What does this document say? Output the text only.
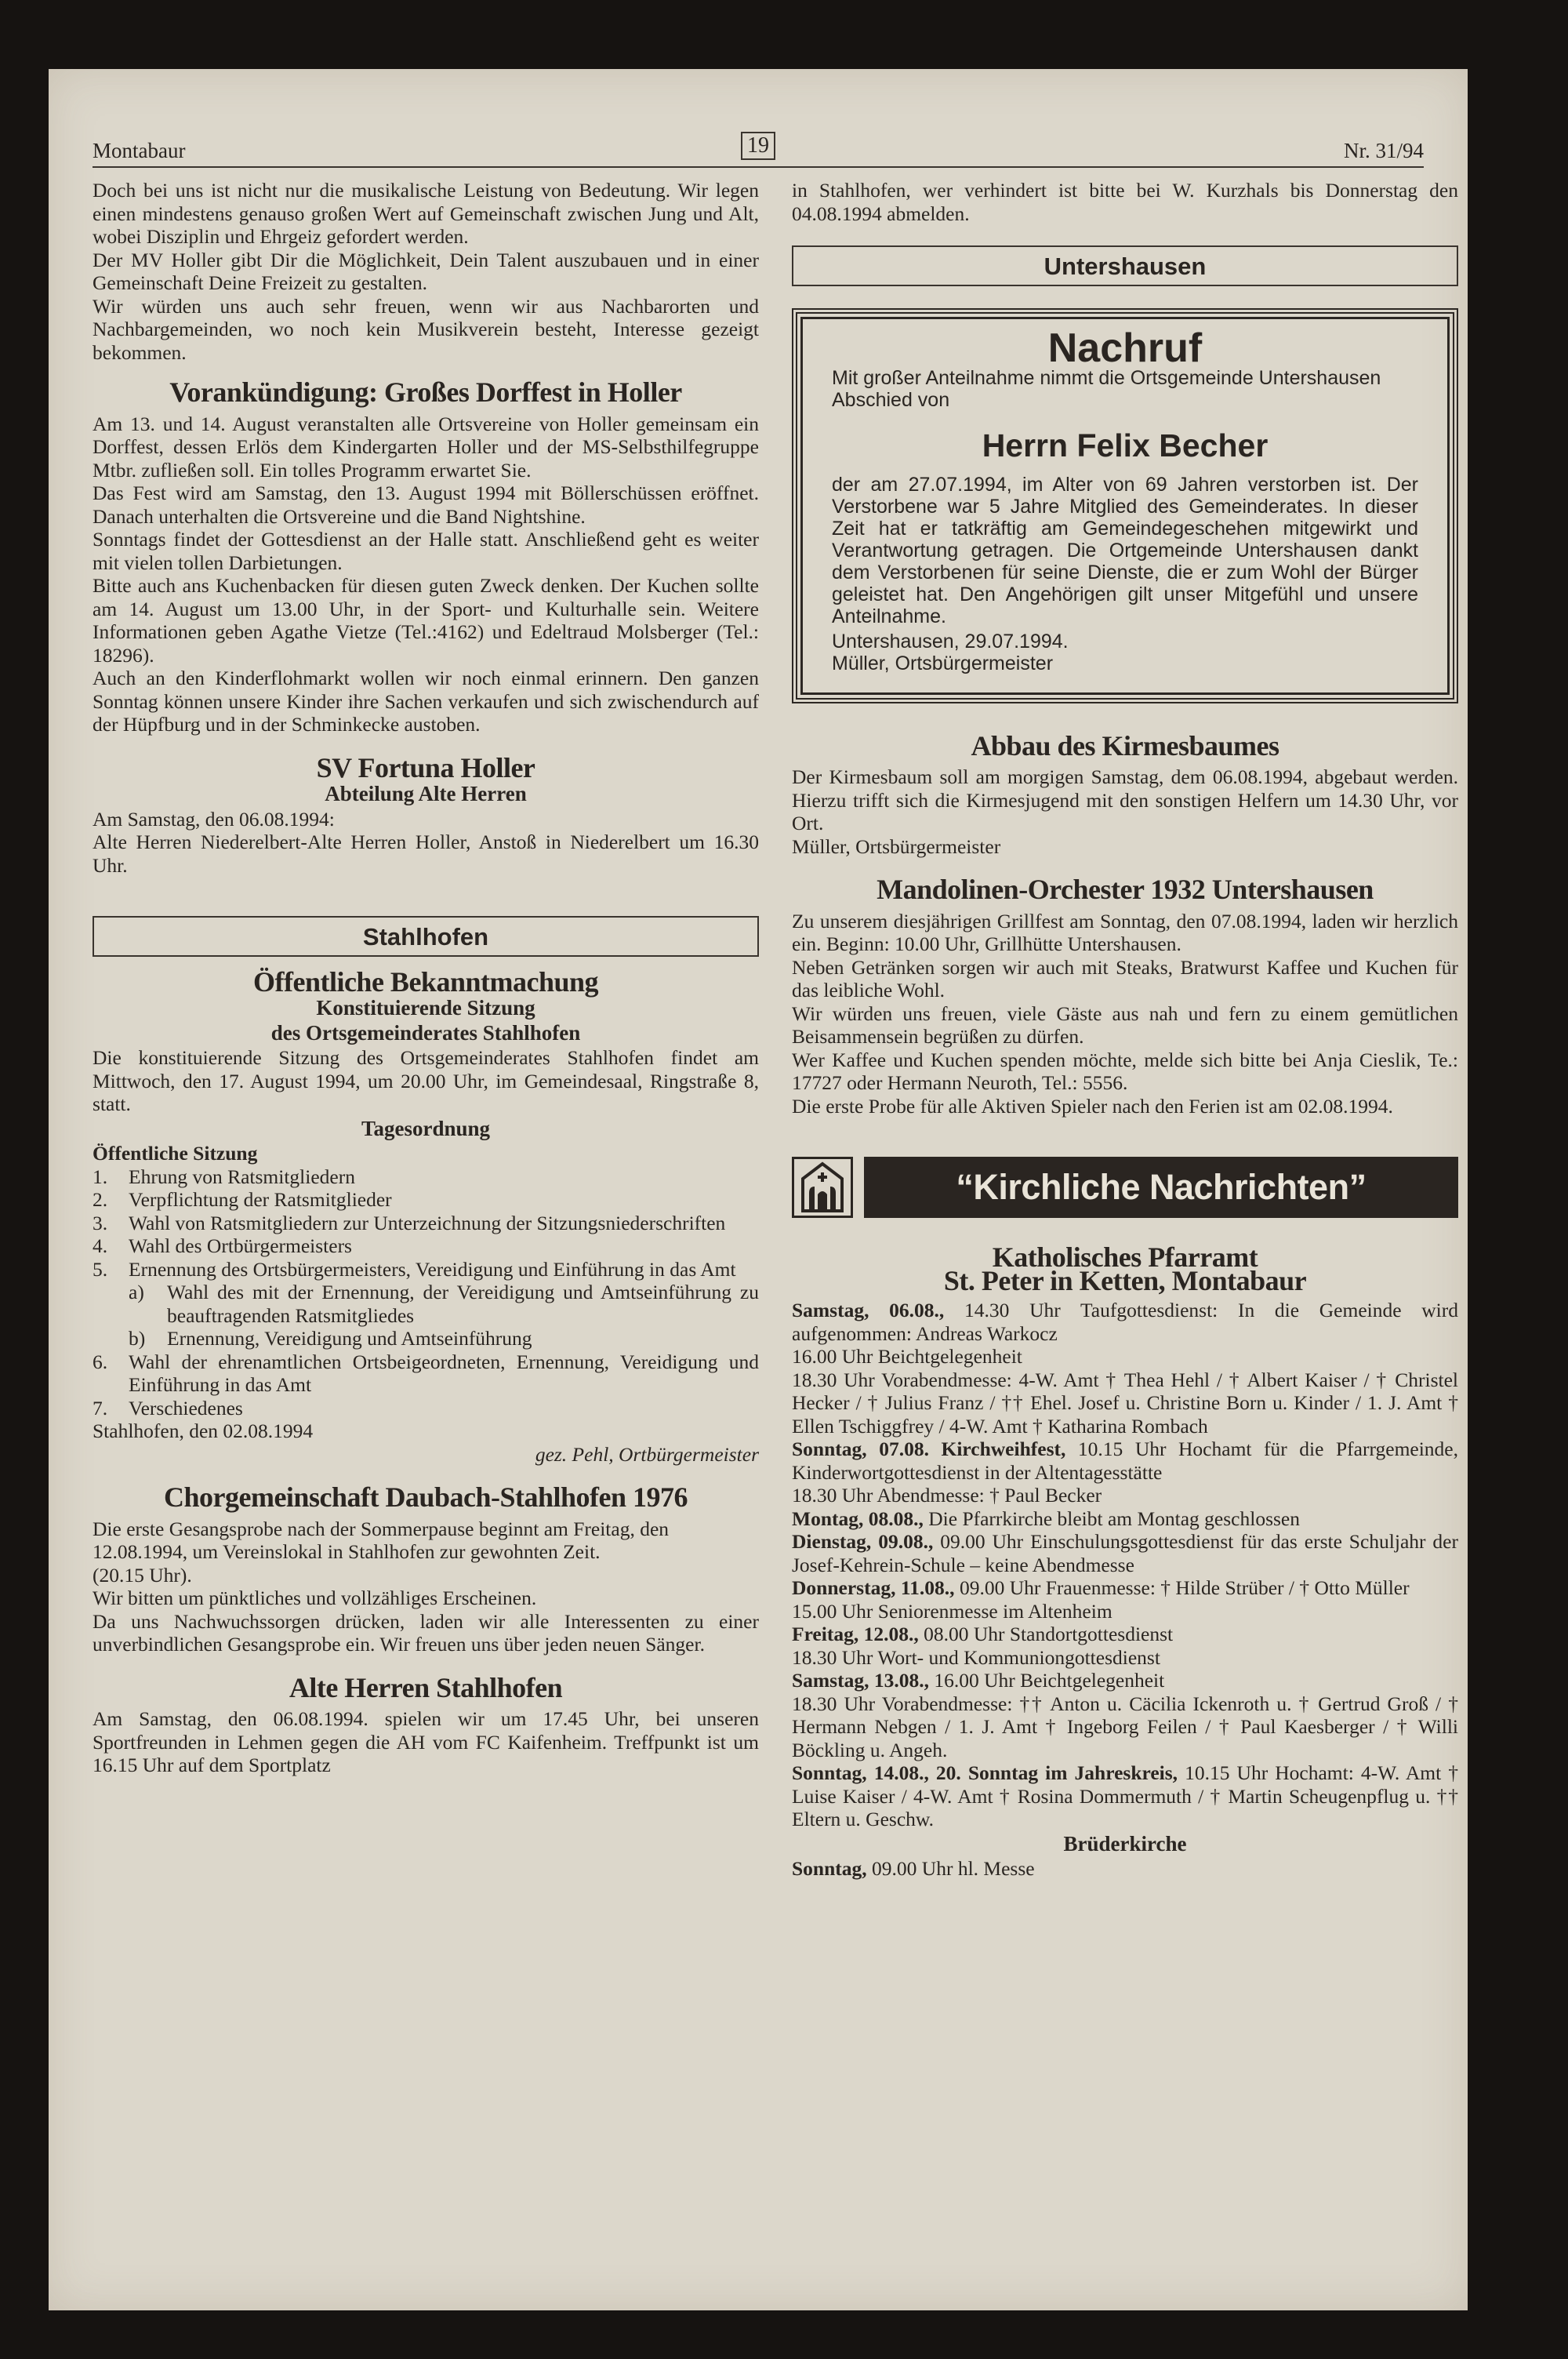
Montabaur	19	Nr. 31/94

Doch bei uns ist nicht nur die musikalische Leistung von Bedeutung. Wir legen einen mindestens genauso großen Wert auf Gemeinschaft zwischen Jung und Alt, wobei Disziplin und Ehrgeiz gefordert werden.

Der MV Holler gibt Dir die Möglichkeit, Dein Talent auszubauen und in einer Gemeinschaft Deine Freizeit zu gestalten.

Wir würden uns auch sehr freuen, wenn wir aus Nachbarorten und Nachbargemeinden, wo noch kein Musikverein besteht, Interesse gezeigt bekommen.

Vorankündigung: Großes Dorffest in Holler

Am 13. und 14. August veranstalten alle Ortsvereine von Holler gemeinsam ein Dorffest, dessen Erlös dem Kindergarten Holler und der MS-Selbsthilfegruppe Mtbr. zufließen soll. Ein tolles Programm erwartet Sie.

Das Fest wird am Samstag, den 13. August 1994 mit Böllerschüssen eröffnet. Danach unterhalten die Ortsvereine und die Band Nightshine.

Sonntags findet der Gottesdienst an der Halle statt. Anschließend geht es weiter mit vielen tollen Darbietungen.

Bitte auch ans Kuchenbacken für diesen guten Zweck denken. Der Kuchen sollte am 14. August um 13.00 Uhr, in der Sport- und Kulturhalle sein. Weitere Informationen geben Agathe Vietze (Tel.:4162) und Edeltraud Molsberger (Tel.: 18296).

Auch an den Kinderflohmarkt wollen wir noch einmal erinnern. Den ganzen Sonntag können unsere Kinder ihre Sachen verkaufen und sich zwischendurch auf der Hüpfburg und in der Schminkecke austoben.

SV Fortuna Holler
Abteilung Alte Herren

Am Samstag, den 06.08.1994:

Alte Herren Niederelbert-Alte Herren Holler, Anstoß in Niederelbert um 16.30 Uhr.

Stahlhofen
Öffentliche Bekanntmachung
Konstituierende Sitzung
des Ortsgemeinderates Stahlhofen

Die konstituierende Sitzung des Ortsgemeinderates Stahlhofen findet am Mittwoch, den 17. August 1994, um 20.00 Uhr, im Gemeindesaal, Ringstraße 8, statt.

Tagesordnung

Öffentliche Sitzung

1. Ehrung von Ratsmitgliedern
2. Verpflichtung der Ratsmitglieder
3. Wahl von Ratsmitgliedern zur Unterzeichnung der Sitzungsniederschriften
4. Wahl des Ortbürgermeisters
5. Ernennung des Ortsbürgermeisters, Vereidigung und Einführung in das Amt
a) Wahl des mit der Ernennung, der Vereidigung und Amtseinführung zu beauftragenden Ratsmitgliedes
b) Ernennung, Vereidigung und Amtseinführung
6. Wahl der ehrenamtlichen Ortsbeigeordneten, Ernennung, Vereidigung und Einführung in das Amt
7. Verschiedenes

Stahlhofen, den 02.08.1994

gez. Pehl, Ortbürgermeister

Chorgemeinschaft Daubach-Stahlhofen 1976

Die erste Gesangsprobe nach der Sommerpause beginnt am Freitag, den 12.08.1994, um Vereinslokal in Stahlhofen zur gewohnten Zeit.

(20.15 Uhr).

Wir bitten um pünktliches und vollzähliges Erscheinen.

Da uns Nachwuchssorgen drücken, laden wir alle Interessenten zu einer unverbindlichen Gesangsprobe ein. Wir freuen uns über jeden neuen Sänger.

Alte Herren Stahlhofen

Am Samstag, den 06.08.1994. spielen wir um 17.45 Uhr, bei unseren Sportfreunden in Lehmen gegen die AH vom FC Kaifenheim. Treffpunkt ist um 16.15 Uhr auf dem Sportplatz

in Stahlhofen, wer verhindert ist bitte bei W. Kurzhals bis Donnerstag den 04.08.1994 abmelden.

Untershausen
Nachruf

Mit großer Anteilnahme nimmt die Ortsgemeinde Untershausen Abschied von

Herrn Felix Becher

der am 27.07.1994, im Alter von 69 Jahren verstorben ist. Der Verstorbene war 5 Jahre Mitglied des Gemeinderates. In dieser Zeit hat er tatkräftig am Gemeindegeschehen mitgewirkt und Verantwortung getragen. Die Ortgemeinde Untershausen dankt dem Verstorbenen für seine Dienste, die er zum Wohl der Bürger geleistet hat. Den Angehörigen gilt unser Mitgefühl und unsere Anteilnahme.

Untershausen, 29.07.1994.

Müller, Ortsbürgermeister

Abbau des Kirmesbaumes

Der Kirmesbaum soll am morgigen Samstag, dem 06.08.1994, abgebaut werden. Hierzu trifft sich die Kirmesjugend mit den sonstigen Helfern um 14.30 Uhr, vor Ort.

Müller, Ortsbürgermeister

Mandolinen-Orchester 1932 Untershausen

Zu unserem diesjährigen Grillfest am Sonntag, den 07.08.1994, laden wir herzlich ein. Beginn: 10.00 Uhr, Grillhütte Untershausen.

Neben Getränken sorgen wir auch mit Steaks, Bratwurst Kaffee und Kuchen für das leibliche Wohl.

Wir würden uns freuen, viele Gäste aus nah und fern zu einem gemütlichen Beisammensein begrüßen zu dürfen.

Wer Kaffee und Kuchen spenden möchte, melde sich bitte bei Anja Cieslik, Te.: 17727 oder Hermann Neuroth, Tel.: 5556.

Die erste Probe für alle Aktiven Spieler nach den Ferien ist am 02.08.1994.

“Kirchliche Nachrichten”
Katholisches Pfarramt
St. Peter in Ketten, Montabaur

Samstag, 06.08., 14.30 Uhr Taufgottesdienst: In die Gemeinde wird aufgenommen: Andreas Warkocz

16.00 Uhr Beichtgelegenheit

18.30 Uhr Vorabendmesse: 4-W. Amt † Thea Hehl / † Albert Kaiser / † Christel Hecker / † Julius Franz / †† Ehel. Josef u. Christine Born u. Kinder / 1. J. Amt † Ellen Tschiggfrey / 4-W. Amt † Katharina Rombach

Sonntag, 07.08. Kirchweihfest, 10.15 Uhr Hochamt für die Pfarrgemeinde, Kinderwortgottesdienst in der Altentagesstätte

18.30 Uhr Abendmesse: † Paul Becker

Montag, 08.08., Die Pfarrkirche bleibt am Montag geschlossen

Dienstag, 09.08., 09.00 Uhr Einschulungsgottesdienst für das erste Schuljahr der Josef-Kehrein-Schule – keine Abendmesse

Donnerstag, 11.08., 09.00 Uhr Frauenmesse: † Hilde Strüber / † Otto Müller

15.00 Uhr Seniorenmesse im Altenheim

Freitag, 12.08., 08.00 Uhr Standortgottesdienst

18.30 Uhr Wort- und Kommuniongottesdienst

Samstag, 13.08., 16.00 Uhr Beichtgelegenheit

18.30 Uhr Vorabendmesse: †† Anton u. Cäcilia Ickenroth u. † Gertrud Groß / † Hermann Nebgen / 1. J. Amt † Ingeborg Feilen / † Paul Kaesberger / † Willi Böckling u. Angeh.

Sonntag, 14.08., 20. Sonntag im Jahreskreis, 10.15 Uhr Hochamt: 4-W. Amt † Luise Kaiser / 4-W. Amt † Rosina Dommermuth / † Martin Scheugenpflug u. †† Eltern u. Geschw.

Brüderkirche

Sonntag, 09.00 Uhr hl. Messe
